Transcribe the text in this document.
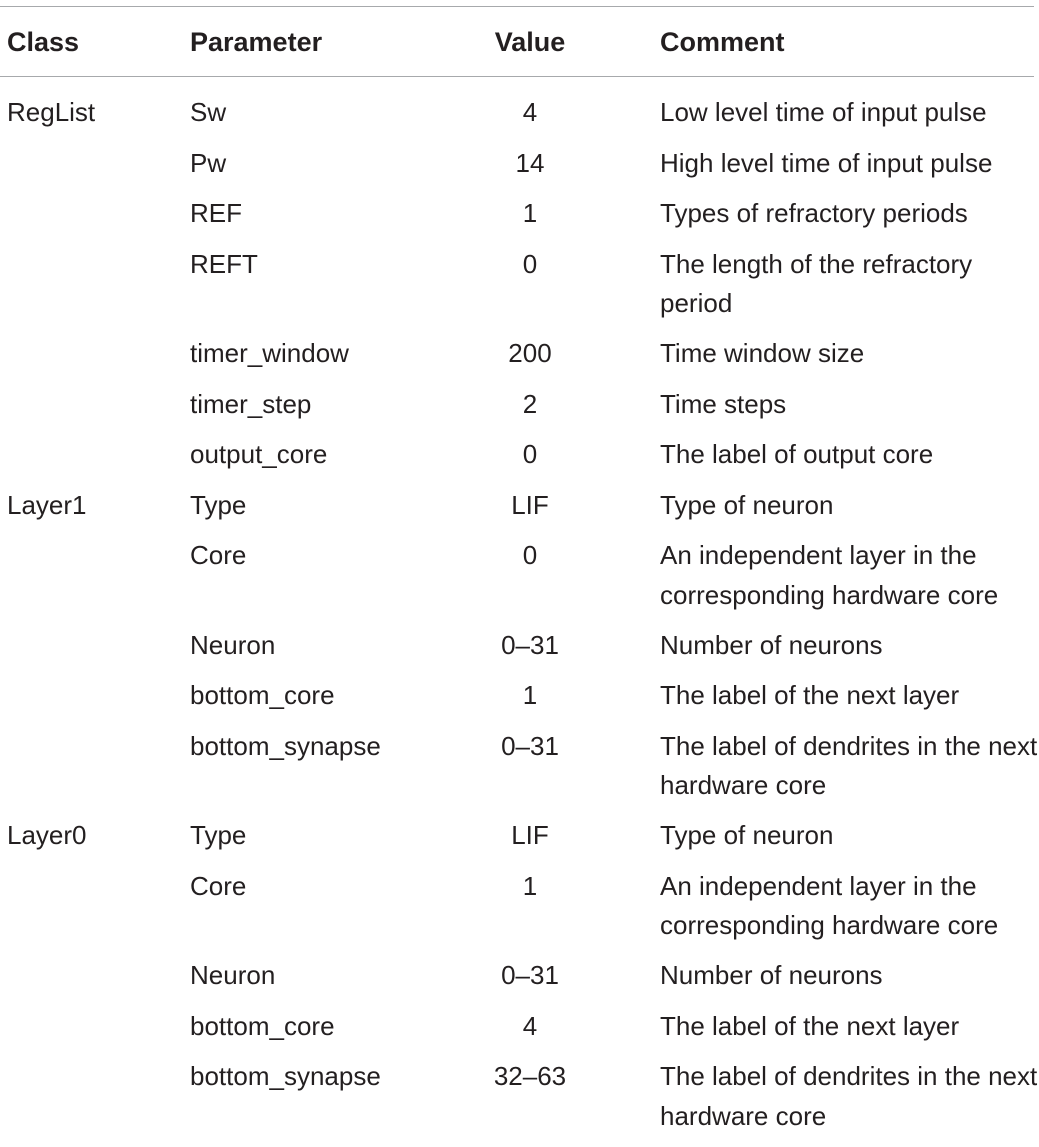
Class	Parameter	Value	Comment
RegList	Sw	4	Low level time of input pulse
Pw	14	High level time of input pulse
REF	1	Types of refractory periods
REFT	0	The length of the refractory period
timer_window	200	Time window size
timer_step	2	Time steps
output_core	0	The label of output core
Layer1	Type	LIF	Type of neuron
Core	0	An independent layer in the corresponding hardware core
Neuron	0–31	Number of neurons
bottom_core	1	The label of the next layer
bottom_synapse	0–31	The label of dendrites in the next hardware core
Layer0	Type	LIF	Type of neuron
Core	1	An independent layer in the corresponding hardware core
Neuron	0–31	Number of neurons
bottom_core	4	The label of the next layer
bottom_synapse	32–63	The label of dendrites in the next hardware core
